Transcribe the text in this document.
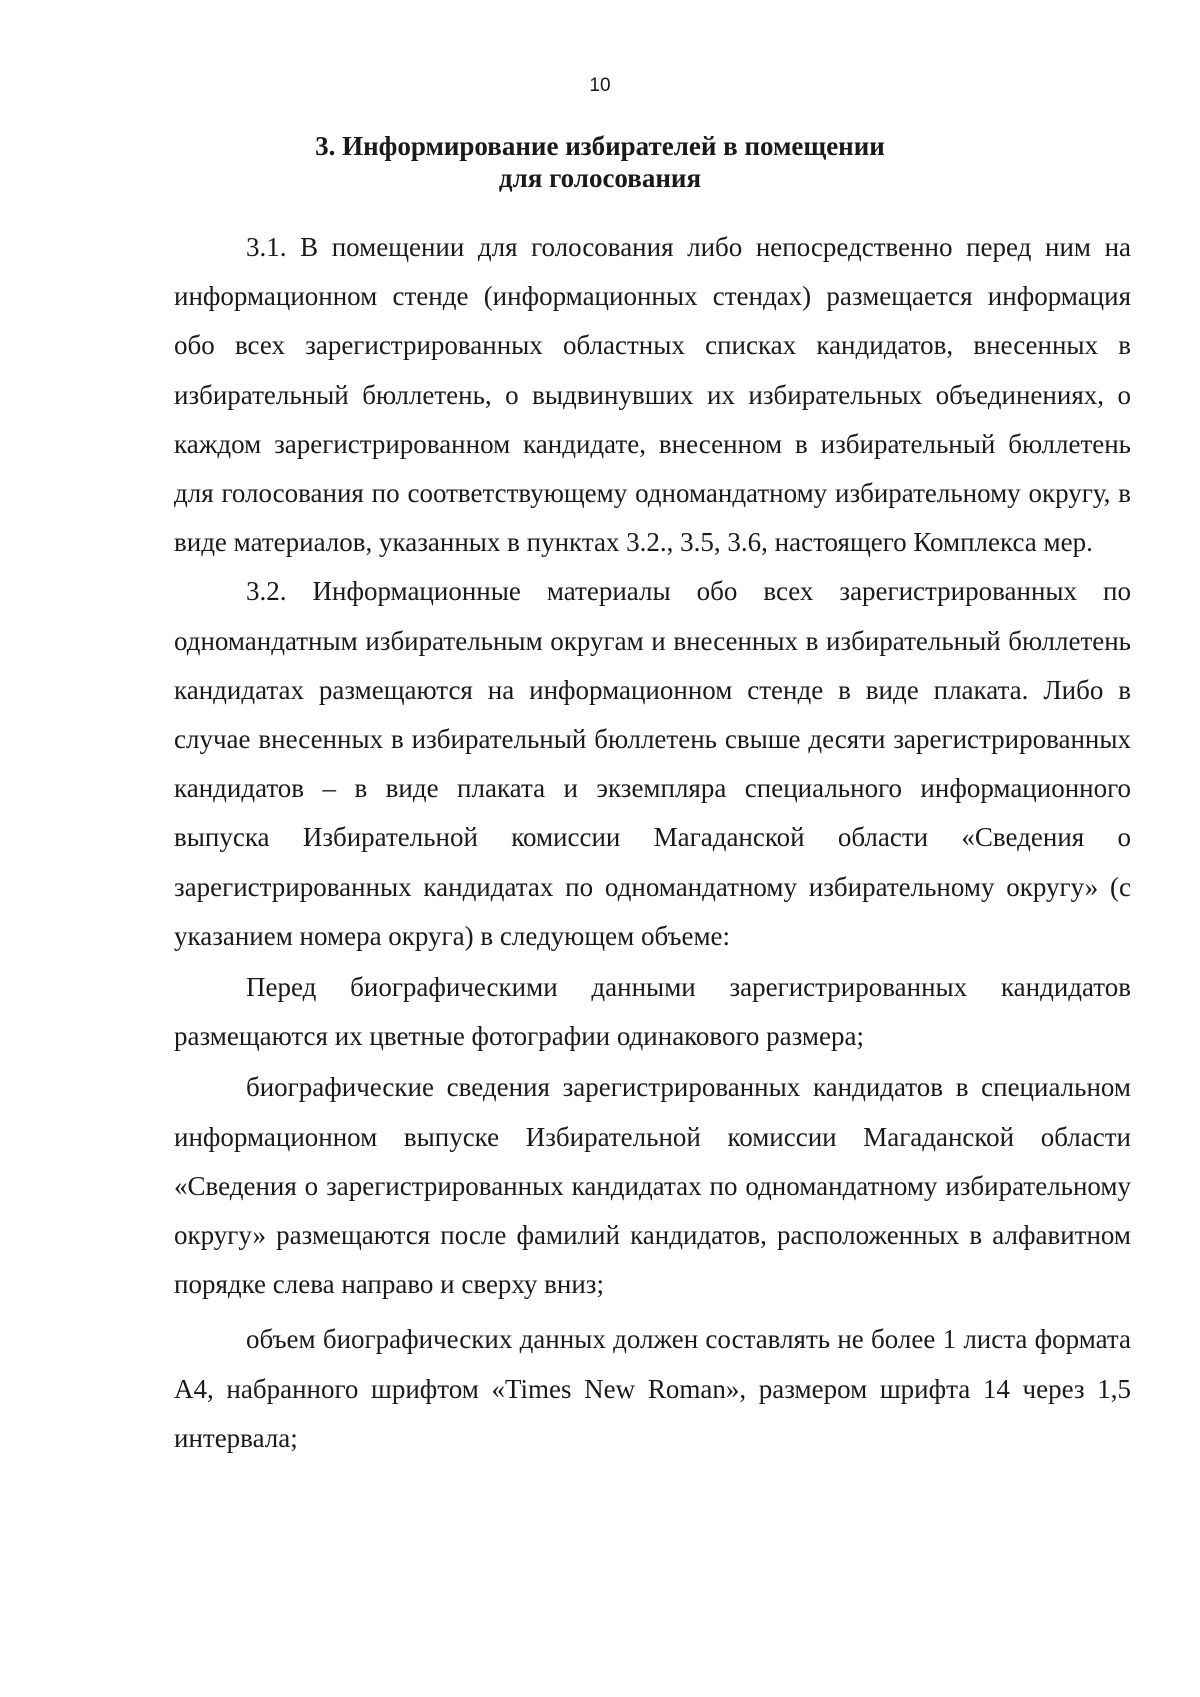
10
3. Информирование избирателей в помещении
для голосования

3.1. В помещении для голосования либо непосредственно перед ним на информационном стенде (информационных стендах) размещается информация обо всех зарегистрированных областных списках кандидатов, внесенных в избирательный бюллетень, о выдвинувших их избирательных объединениях, о каждом зарегистрированном кандидате, внесенном в избирательный бюллетень для голосования по соответствующему одномандатному избирательному округу, в виде материалов, указанных в пунктах 3.2., 3.5, 3.6, настоящего Комплекса мер.

3.2. Информационные материалы обо всех зарегистрированных по одномандатным избирательным округам и внесенных в избирательный бюллетень кандидатах размещаются на информационном стенде в виде плаката. Либо в случае внесенных в избирательный бюллетень свыше десяти зарегистрированных кандидатов – в виде плаката и экземпляра специального информационного выпуска Избирательной комиссии Магаданской области «Сведения о зарегистрированных кандидатах по одномандатному избирательному округу» (с указанием номера округа) в следующем объеме:

Перед биографическими данными зарегистрированных кандидатов размещаются их цветные фотографии одинакового размера;

биографические сведения зарегистрированных кандидатов в специальном информационном выпуске Избирательной комиссии Магаданской области «Сведения о зарегистрированных кандидатах по одномандатному избирательному округу» размещаются после фамилий кандидатов, расположенных в алфавитном порядке слева направо и сверху вниз;

объем биографических данных должен составлять не более 1 листа формата А4, набранного шрифтом «Times New Roman», размером шрифта 14 через 1,5 интервала;
